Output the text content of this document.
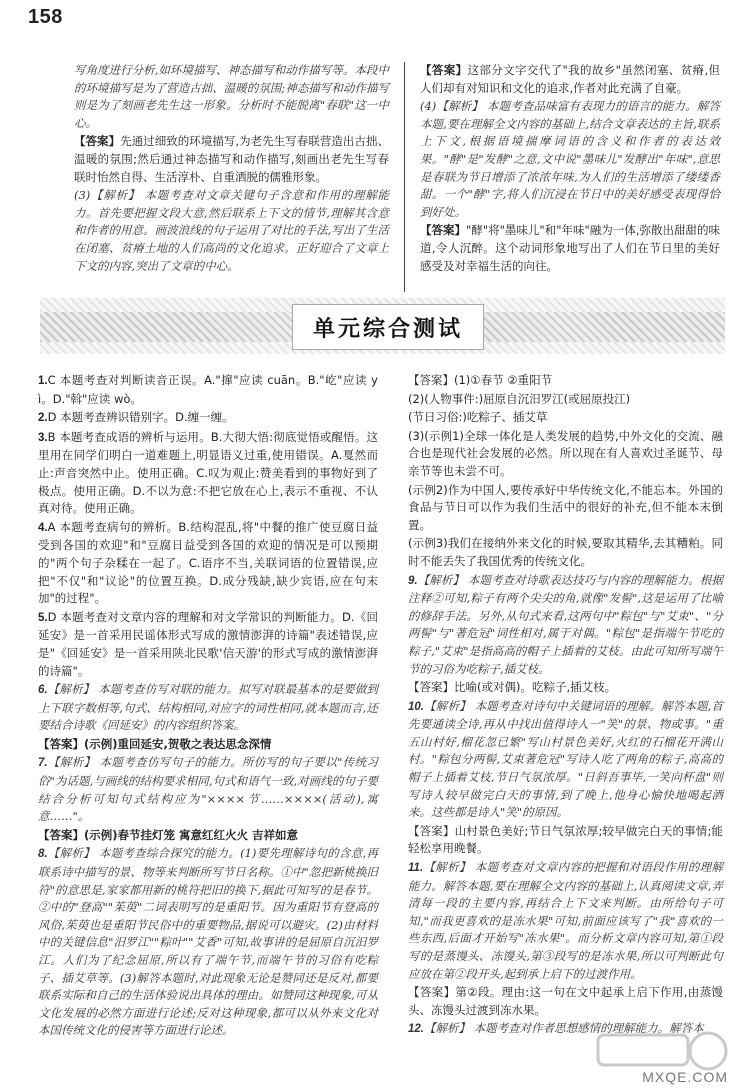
158

写角度进行分析,如环境描写、神态描写和动作描写等。本段中的环境描写是为了营造古拙、温暖的氛围;神态描写和动作描写则是为了刻画老先生这一形象。分析时不能脱离"春联"这一中心。

【答案】先通过细致的环境描写,为老先生写春联营造出古拙、温暖的氛围;然后通过神态描写和动作描写,刻画出老先生写春联时怡然自得、生活淳朴、自重洒脱的儒雅形象。

(3)【解析】 本题考查对文章关键句子含意和作用的理解能力。首先要把握文段大意,然后联系上下文的情节,理解其含意和作者的用意。画波浪线的句子运用了对比的手法,写出了生活在闭塞、贫瘠土地的人们高尚的文化追求。正好迎合了文章上下文的内容,突出了文章的中心。

【答案】这部分文字交代了"我的故乡"虽然闭塞、贫瘠,但人们却有对知识和文化的追求,作者对此充满了自豪。

(4)【解析】 本题考查品味富有表现力的语言的能力。解答本题,要在理解全文内容的基础上,结合文章表达的主旨,联系上下文,根据语境揣摩词语的含义和作者的表达效果。"酵"是"发酵"之意,文中说"墨味儿"发酵出"年味",意思是春联为节日增添了浓浓年味,为人们的生活增添了缕缕香甜。一个"酵"字,将人们沉浸在节日中的美好感受表现得恰到好处。

【答案】"酵"将"墨味儿"和"年味"融为一体,弥散出甜甜的味道,令人沉醉。这个动词形象地写出了人们在节日里的美好感受及对幸福生活的向往。

单元综合测试

1.C 本题考查对判断读音正误。A."撺"应读 cuān。B."屹"应读 yì。D."斡"应读 wò。

2.D 本题考查辨识错别字。D.缠一缠。

3.B 本题考查成语的辨析与运用。B.大彻大悟:彻底觉悟或醒悟。这里用在同学们明白一道难题上,明显语义过重,使用错误。A.戛然而止:声音突然中止。使用正确。C.叹为观止:赞美看到的事物好到了极点。使用正确。D.不以为意:不把它放在心上,表示不重视、不认真对待。使用正确。

4.A 本题考查病句的辨析。B.结构混乱,将"中餐的推广使豆腐日益受到各国的欢迎"和"豆腐日益受到各国的欢迎的情况是可以预期的"两个句子杂糅在一起了。C.语序不当,关联词语的位置错误,应把"不仅"和"议论"的位置互换。D.成分残缺,缺少宾语,应在句末加"的过程"。

5.D 本题考查对文章内容的理解和对文学常识的判断能力。D.《回延安》是一首采用民谣体形式写成的激情澎湃的诗篇"表述错误,应是"《回延安》是一首采用陕北民歌'信天游'的形式写成的激情澎湃的诗篇"。

6.【解析】 本题考查仿写对联的能力。拟写对联最基本的是要做到上下联字数相等,句式、结构相同,对应字的词性相同,就本题而言,还要结合诗歌《回延安》的内容组织答案。

【答案】(示例)重回延安,贺敬之表达思念深情

7.【解析】 本题考查仿写句子的能力。所仿写的句子要以"传统习俗"为话题,与画线的结构要求相同,句式和语气一致,对画线的句子要结合分析可知句式结构应为"××××节……××××(活动),寓意……"。

【答案】(示例)春节挂灯笼 寓意红红火火 吉祥如意

8.【解析】 本题考查综合探究的能力。(1)要先理解诗句的含意,再联系诗中描写的景、物等来判断所写节日名称。①中"忽把新桃换旧符"的意思是,家家都用新的桃符把旧的换下,据此可知写的是春节。②中的"登高""茱萸"二词表明写的是重阳节。因为重阳节有登高的风俗,茱萸也是重阳节民俗中的重要物品,据说可以避灾。(2)由材料中的关键信息"汨罗江""粽叶""艾香"可知,故事讲的是屈原自沉汨罗江。人们为了纪念屈原,所以有了端午节,而端午节的习俗有吃粽子、插艾草等。(3)解答本题时,对此现象无论是赞同还是反对,都要联系实际和自己的生活体验说出具体的理由。如赞同这种现象,可从文化发展的必然方面进行论述;反对这种现象,都可以从外来文化对本国传统文化的侵害等方面进行论述。

【答案】(1)①春节 ②重阳节

(2)(人物事件:)屈原自沉汨罗江(或屈原投江)

(节日习俗:)吃粽子、插艾草

(3)(示例1)全球一体化是人类发展的趋势,中外文化的交流、融合也是现代社会发展的必然。所以现在有人喜欢过圣诞节、母亲节等也未尝不可。

(示例2)作为中国人,要传承好中华传统文化,不能忘本。外国的食品与节日可以作为我们生活中的很好的补充,但不能本末倒置。

(示例3)我们在接纳外来文化的时候,要取其精华,去其糟粕。同时不能丢失了我国优秀的传统文化。

9.【解析】 本题考查对诗歌表达技巧与内容的理解能力。根据注释②可知,粽子有两个尖尖的角,就像"发髻",这是运用了比喻的修辞手法。另外,从句式来看,这两句中"粽包"与"艾束"、"分两髻"与"著危冠"词性相对,属于对偶。"粽包"是指端午节吃的粽子,"艾束"是指高高的帽子上插着的艾枝。由此可知所写端午节的习俗为吃粽子,插艾枝。

【答案】比喻(或对偶)。吃粽子,插艾枝。

10.【解析】 本题考查对诗句中关键词语的理解。解答本题,首先要通读全诗,再从中找出值得诗人一"笑"的景、物或事。"重五山村好,榴花忽已繁"写山村景色美好,火红的石榴花开满山村。"粽包分两髻,艾束著危冠"写诗人吃了两角的粽子,高高的帽子上插着艾枝,节日气氛浓厚。"日斜吾事毕,一笑向杯盘"则写诗人较早做完白天的事情,到了晚上,他身心愉快地喝起酒来。这些都是诗人"笑"的原因。

【答案】山村景色美好;节日气氛浓厚;较早做完白天的事情;能轻松享用晚餐。

11.【解析】 本题考查对文章内容的把握和对语段作用的理解能力。解答本题,要在理解全文内容的基础上,认真阅读文章,弄清每一段的主要内容,再结合上下文来判断。由所给句子可知,"而我更喜欢的是冻水果"可知,前面应该写了"我"喜欢的一些东西,后面才开始写"冻水果"。而分析文章内容可知,第①段写的是蒸馒头、冻馒头,第③段写的是冻水果,所以可判断此句应放在第②段开头,起到承上启下的过渡作用。

【答案】第②段。理由:这一句在文中起承上启下作用,由蒸馒头、冻馒头过渡到冻水果。

12.【解析】 本题考查对作者思想感情的理解能力。解答本

MXQE.COM
